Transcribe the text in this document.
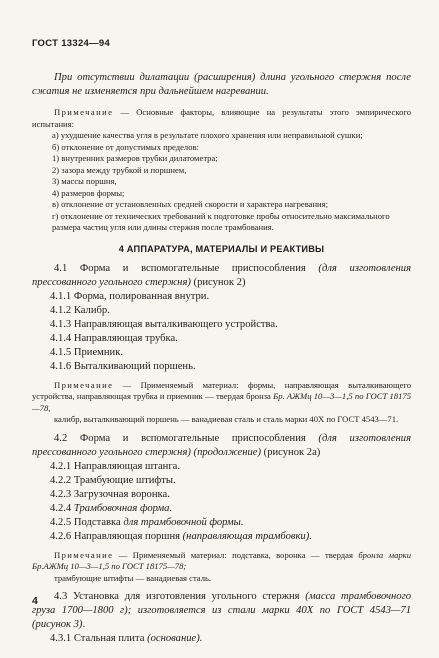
ГОСТ 13324—94

При отсутствии дилатации (расширения) длина угольного стержня после сжатия не изменяется при дальнейшем нагревании.

Примечание — Основные факторы, влияющие на результаты этого эмпирического испытания:

а) ухудшение качества угля в результате плохого хранения или неправильной сушки;

б) отклонение от допустимых пределов:

1) внутренних размеров трубки дилатометра;

2) зазора между трубкой и поршнем,

3) массы поршня,

4) размеров формы;

в) отклонение от установленных средней скорости и характера нагревания;

г) отклонение от технических требований к подготовке пробы относительно максимального размера частиц угля или длины стержня после трамбования.

4 АППАРАТУРА, МАТЕРИАЛЫ И РЕАКТИВЫ

4.1 Форма и вспомогательные приспособления (для изготовления прессованного угольного стержня) (рисунок 2)

4.1.1 Форма, полированная внутри.

4.1.2 Калибр.

4.1.3 Направляющая выталкивающего устройства.

4.1.4 Направляющая трубка.

4.1.5 Приемник.

4.1.6 Выталкивающий поршень.

Примечание — Применяемый материал: формы, направляющая выталкивающего устройства, направляющая трубка и приемник — твердая бронза Бр. АЖМц 10—3—1,5 по ГОСТ 18175—78,

калибр, выталкивающий поршень — ванадиевая сталь и сталь марки 40Х по ГОСТ 4543—71.

4.2 Форма и вспомогательные приспособления (для изготовления прессованного угольного стержня) (продолжение) (рисунок 2а)

4.2.1 Направляющая штанга.

4.2.2 Трамбующие штифты.

4.2.3 Загрузочная воронка.

4.2.4 Трамбовочная форма.

4.2.5 Подставка для трамбовочной формы.

4.2.6 Направляющая поршня (направляющая трамбовки).

Примечание — Применяемый материал: подставка, воронка — твердая бронза марки Бр.АЖМц 10—3—1,5 по ГОСТ 18175—78;

трамбующие штифты — ванадиевая сталь.

4.3 Установка для изготовления угольного стержня (масса трамбовочного груза 1700—1800 г); изготовляется из стали марки 40Х по ГОСТ 4543—71 (рисунок 3).

4.3.1 Стальная плита (основание).

4
